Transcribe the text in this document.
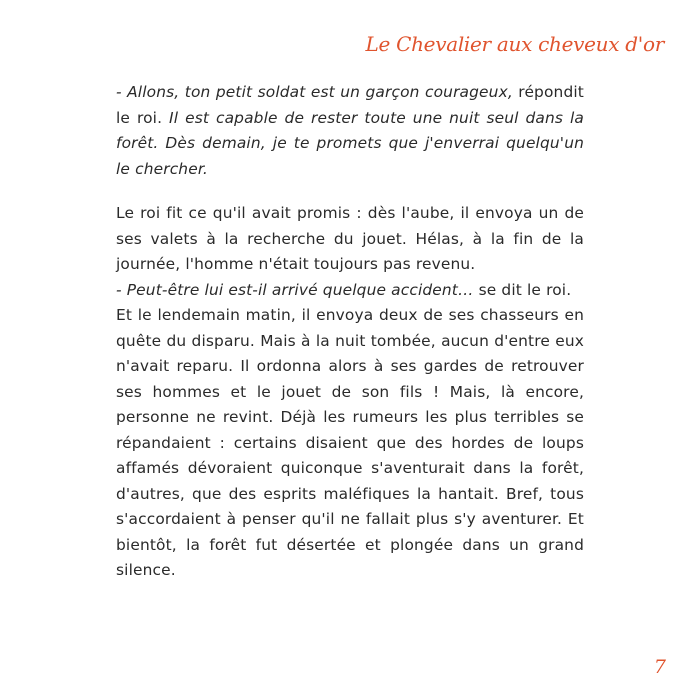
Le Chevalier aux cheveux d'or

- Allons, ton petit soldat est un garçon courageux, répondit le roi. Il est capable de rester toute une nuit seul dans la forêt. Dès demain, je te promets que j'enverrai quelqu'un le chercher.

Le roi fit ce qu'il avait promis : dès l'aube, il envoya un de ses valets à la recherche du jouet. Hélas, à la fin de la journée, l'homme n'était toujours pas revenu.

- Peut-être lui est-il arrivé quelque accident… se dit le roi.

Et le lendemain matin, il envoya deux de ses chasseurs en quête du disparu. Mais à la nuit tombée, aucun d'entre eux n'avait reparu. Il ordonna alors à ses gardes de retrouver ses hommes et le jouet de son fils ! Mais, là encore, personne ne revint. Déjà les rumeurs les plus terribles se répandaient : certains disaient que des hordes de loups affamés dévoraient quiconque s'aventurait dans la forêt, d'autres, que des esprits maléfiques la hantait. Bref, tous s'accordaient à penser qu'il ne fallait plus s'y aventurer. Et bientôt, la forêt fut désertée et plongée dans un grand silence.

7
